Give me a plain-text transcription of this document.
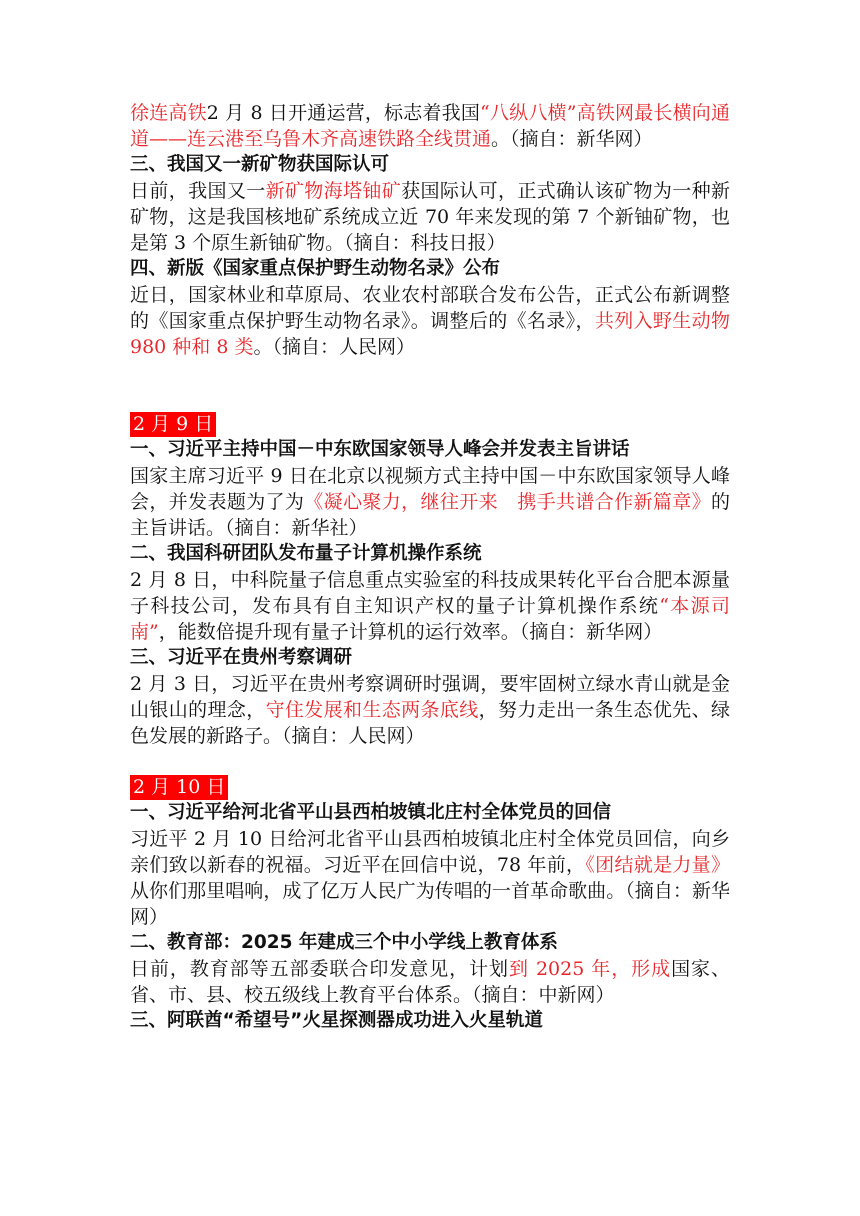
徐连高铁2 月 8 日开通运营，标志着我国“八纵八横”高铁网最长横向通道——连云港至乌鲁木齐高速铁路全线贯通。（摘自：新华网）

三、我国又一新矿物获国际认可

日前，我国又一新矿物海塔铀矿获国际认可，正式确认该矿物为一种新矿物，这是我国核地矿系统成立近 70 年来发现的第 7 个新铀矿物，也是第 3 个原生新铀矿物。（摘自：科技日报）

四、新版《国家重点保护野生动物名录》公布

近日，国家林业和草原局、农业农村部联合发布公告，正式公布新调整的《国家重点保护野生动物名录》。调整后的《名录》，共列入野生动物 980 种和 8 类。（摘自：人民网）

2 月 9 日

一、习近平主持中国－中东欧国家领导人峰会并发表主旨讲话

国家主席习近平 9 日在北京以视频方式主持中国－中东欧国家领导人峰会，并发表题为了为《凝心聚力，继往开来　携手共谱合作新篇章》的主旨讲话。（摘自：新华社）

二、我国科研团队发布量子计算机操作系统

2 月 8 日，中科院量子信息重点实验室的科技成果转化平台合肥本源量子科技公司，发布具有自主知识产权的量子计算机操作系统“本源司南”，能数倍提升现有量子计算机的运行效率。（摘自：新华网）

三、习近平在贵州考察调研

2 月 3 日，习近平在贵州考察调研时强调，要牢固树立绿水青山就是金山银山的理念，守住发展和生态两条底线，努力走出一条生态优先、绿色发展的新路子。（摘自：人民网）

2 月 10 日

一、习近平给河北省平山县西柏坡镇北庄村全体党员的回信

习近平 2 月 10 日给河北省平山县西柏坡镇北庄村全体党员回信，向乡亲们致以新春的祝福。习近平在回信中说，78 年前，《团结就是力量》从你们那里唱响，成了亿万人民广为传唱的一首革命歌曲。（摘自：新华网）

二、教育部：2025 年建成三个中小学线上教育体系

日前，教育部等五部委联合印发意见，计划到 2025 年，形成国家、省、市、县、校五级线上教育平台体系。（摘自：中新网）

三、阿联酋“希望号”火星探测器成功进入火星轨道
